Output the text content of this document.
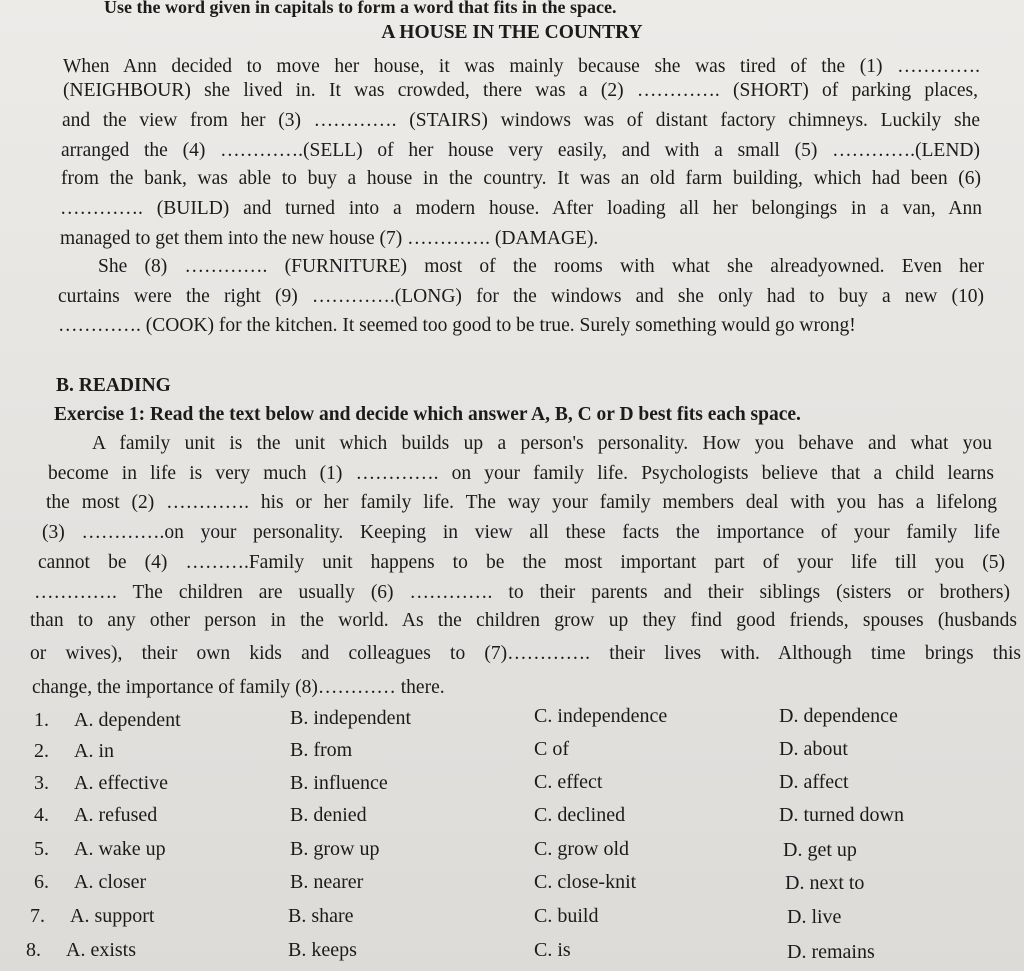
Use the word given in capitals to form a word that fits in the space.
A HOUSE IN THE COUNTRY
When Ann decided to move her house, it was mainly because she was tired of the (1) ………….
(NEIGHBOUR) she lived in. It was crowded, there was a (2) …………. (SHORT) of parking places,
and the view from her (3) …………. (STAIRS) windows was of distant factory chimneys. Luckily she
arranged the (4) ………….(SELL) of her house very easily, and with a small (5) ………….(LEND)
from the bank, was able to buy a house in the country. It was an old farm building, which had been (6)
…………. (BUILD) and turned into a modern house. After loading all her belongings in a van, Ann
managed to get them into the new house (7) …………. (DAMAGE).
She (8) …………. (FURNITURE) most of the rooms with what she alreadyowned. Even her
curtains were the right (9) ………….(LONG) for the windows and she only had to buy a new (10)
…………. (COOK) for the kitchen. It seemed too good to be true. Surely something would go wrong!
B. READING
Exercise 1: Read the text below and decide which answer A, B, C or D best fits each space.
A family unit is the unit which builds up a person's personality. How you behave and what you
become in life is very much (1) …………. on your family life. Psychologists believe that a child learns
the most (2) …………. his or her family life. The way your family members deal with you has a lifelong
(3) ………….on your personality. Keeping in view all these facts the importance of your family life
cannot be (4) ……….Family unit happens to be the most important part of your life till you (5)
…………. The children are usually (6) …………. to their parents and their siblings (sisters or brothers)
than to any other person in the world. As the children grow up they find good friends, spouses (husbands
or wives), their own kids and colleagues to (7)…………. their lives with. Although time brings this
change, the importance of family (8)………… there.
1. A. dependent	B. independent	C. independence	D. dependence
2. A. in	B. from	C of	D. about
3. A. effective	B. influence	C. effect	D. affect
4. A. refused	B. denied	C. declined	D. turned down
5. A. wake up	B. grow up	C. grow old	D. get up
6. A. closer	B. nearer	C. close-knit	D. next to
7. A. support	B. share	C. build	D. live
8. A. exists	B. keeps	C. is	D. remains
